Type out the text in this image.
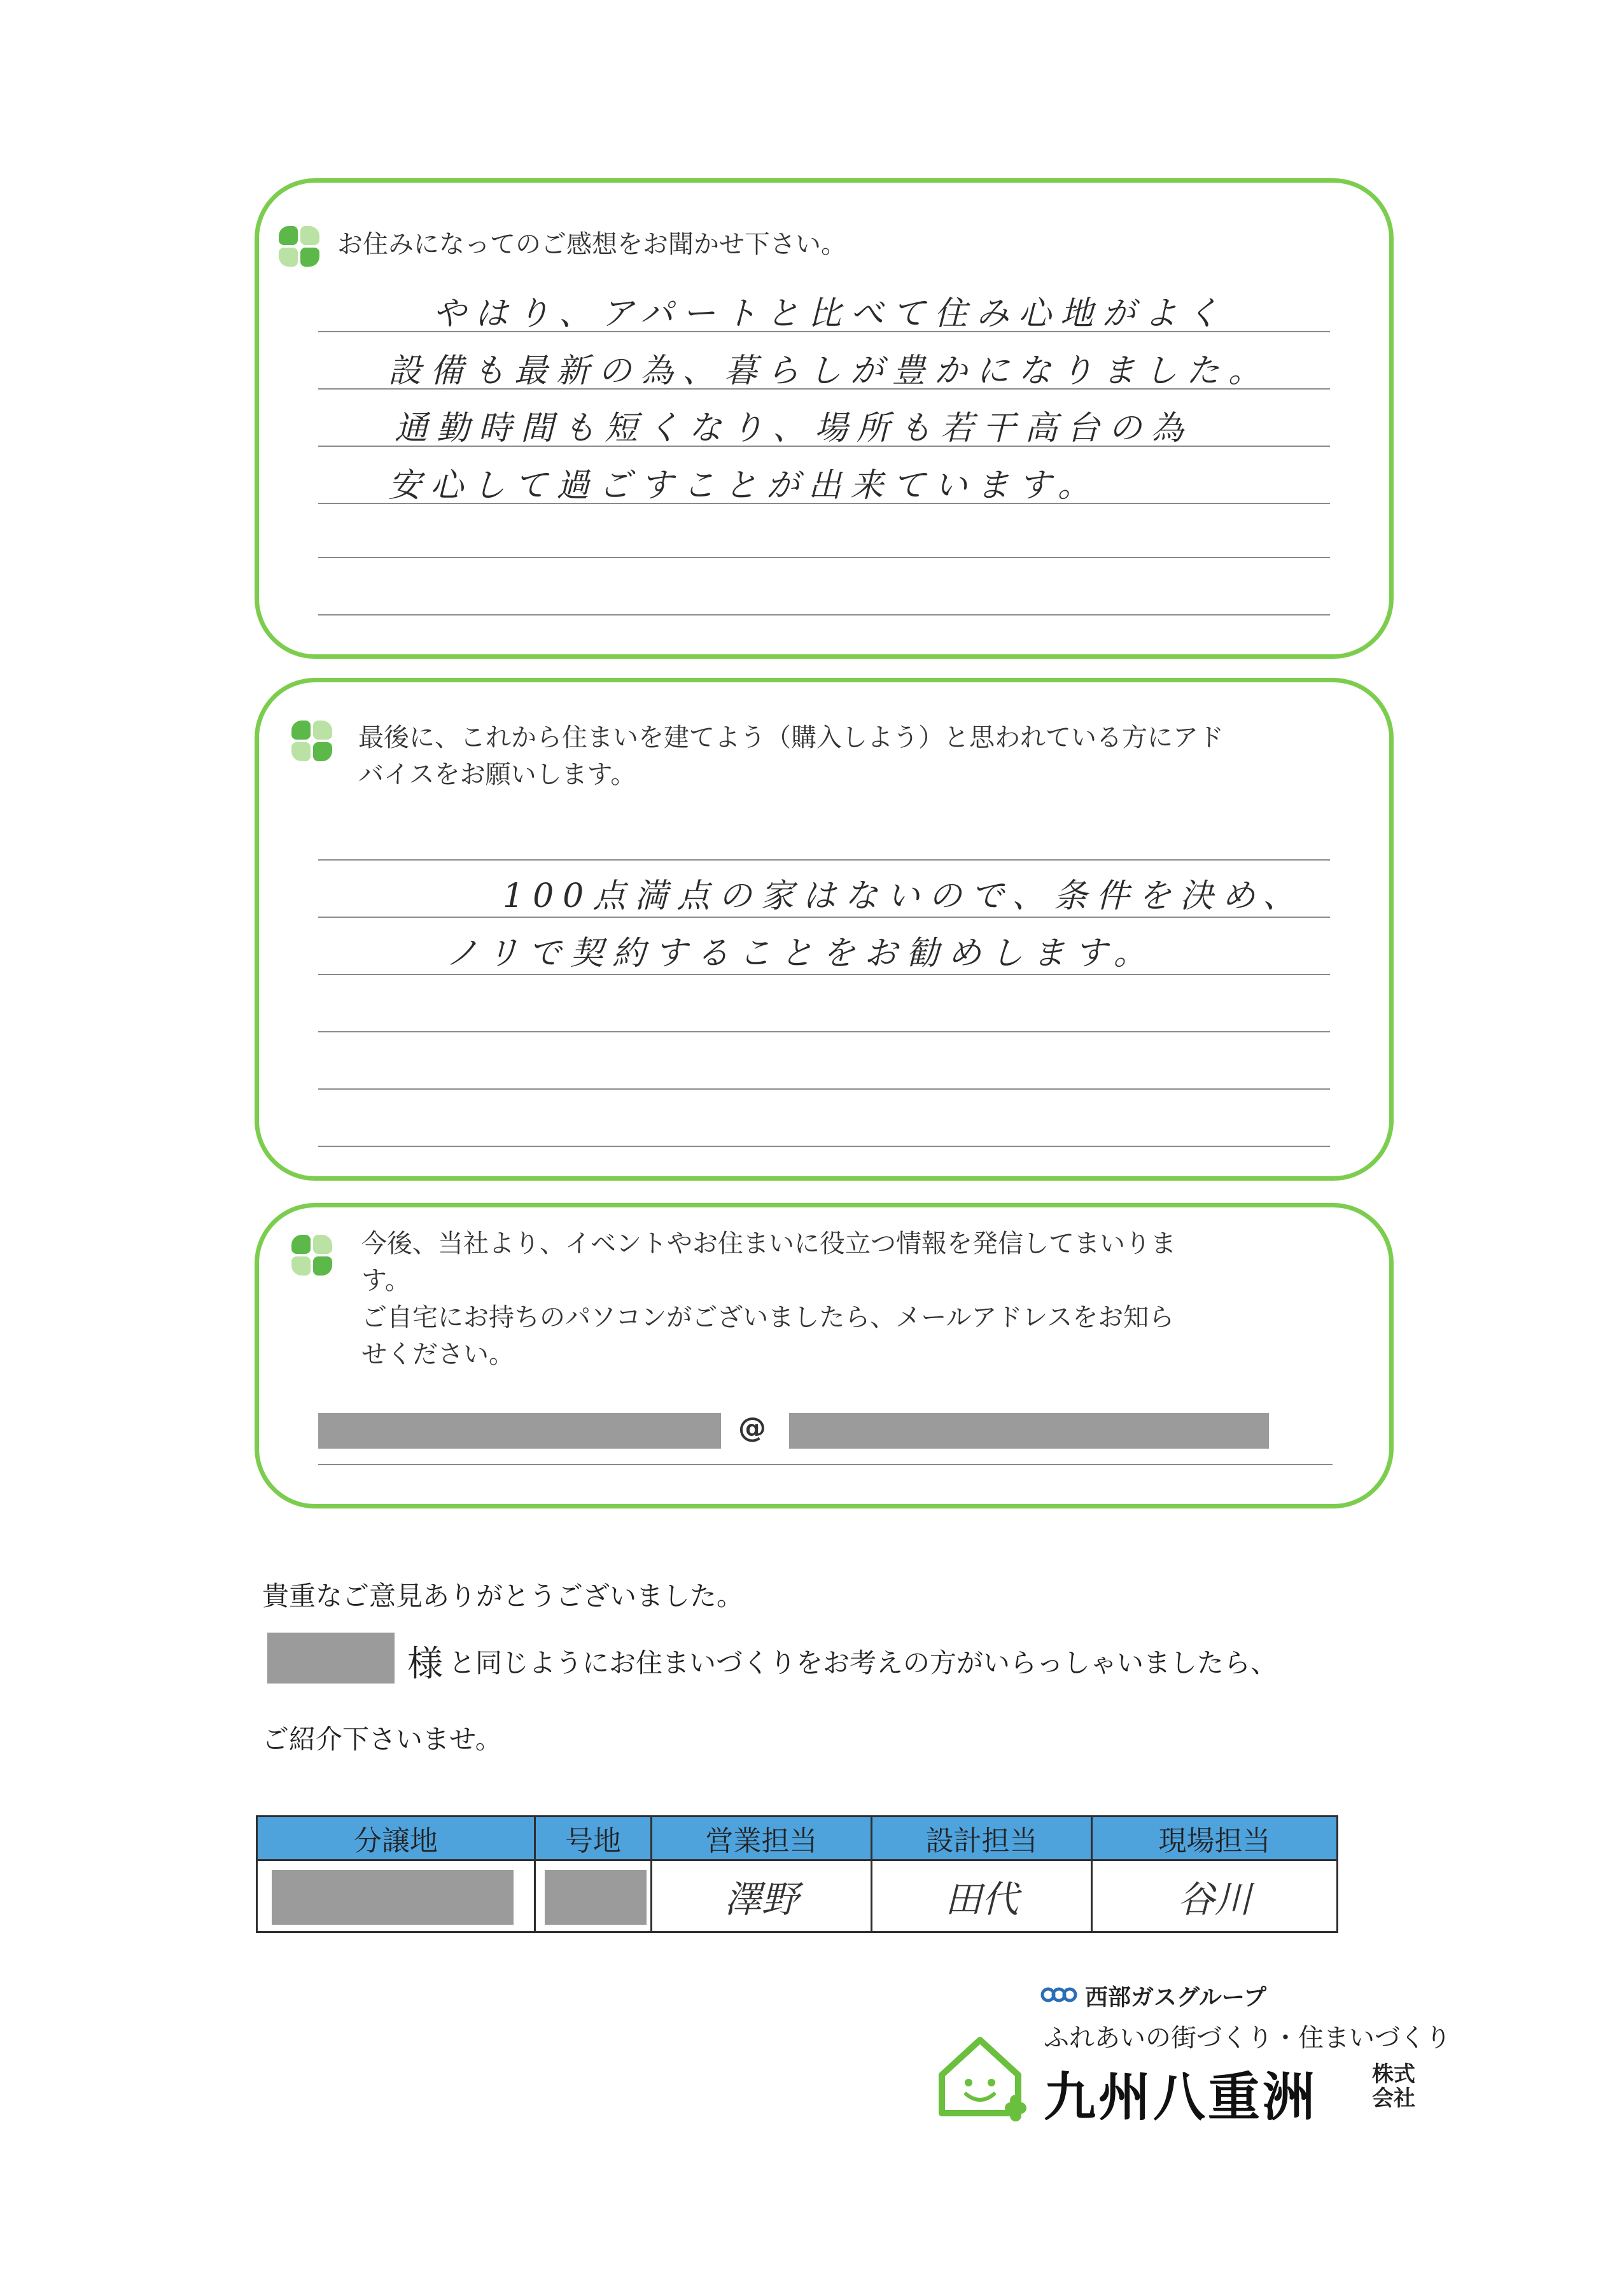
お住みになってのご感想をお聞かせ下さい。
やはり、アパートと比べて住み心地がよく
設備も最新の為、暮らしが豊かになりました。
通勤時間も短くなり、場所も若干高台の為
安心して過ごすことが出来ています。
最後に、これから住まいを建てよう（購入しよう）と思われている方にアド
バイスをお願いします。
100点満点の家はないので、条件を決め、
ノリで契約することをお勧めします。
今後、当社より、イベントやお住まいに役立つ情報を発信してまいりま
す。
ご自宅にお持ちのパソコンがございましたら、メールアドレスをお知ら
せください。
@
貴重なご意見ありがとうございました。
様 と同じようにお住まいづくりをお考えの方がいらっしゃいましたら、
ご紹介下さいませ。
分譲地	号地	営業担当	設計担当	現場担当

		澤野	田代	谷川
西部ガスグループ
ふれあいの街づくり・住まいづくり
九州八重洲	株式
会社
